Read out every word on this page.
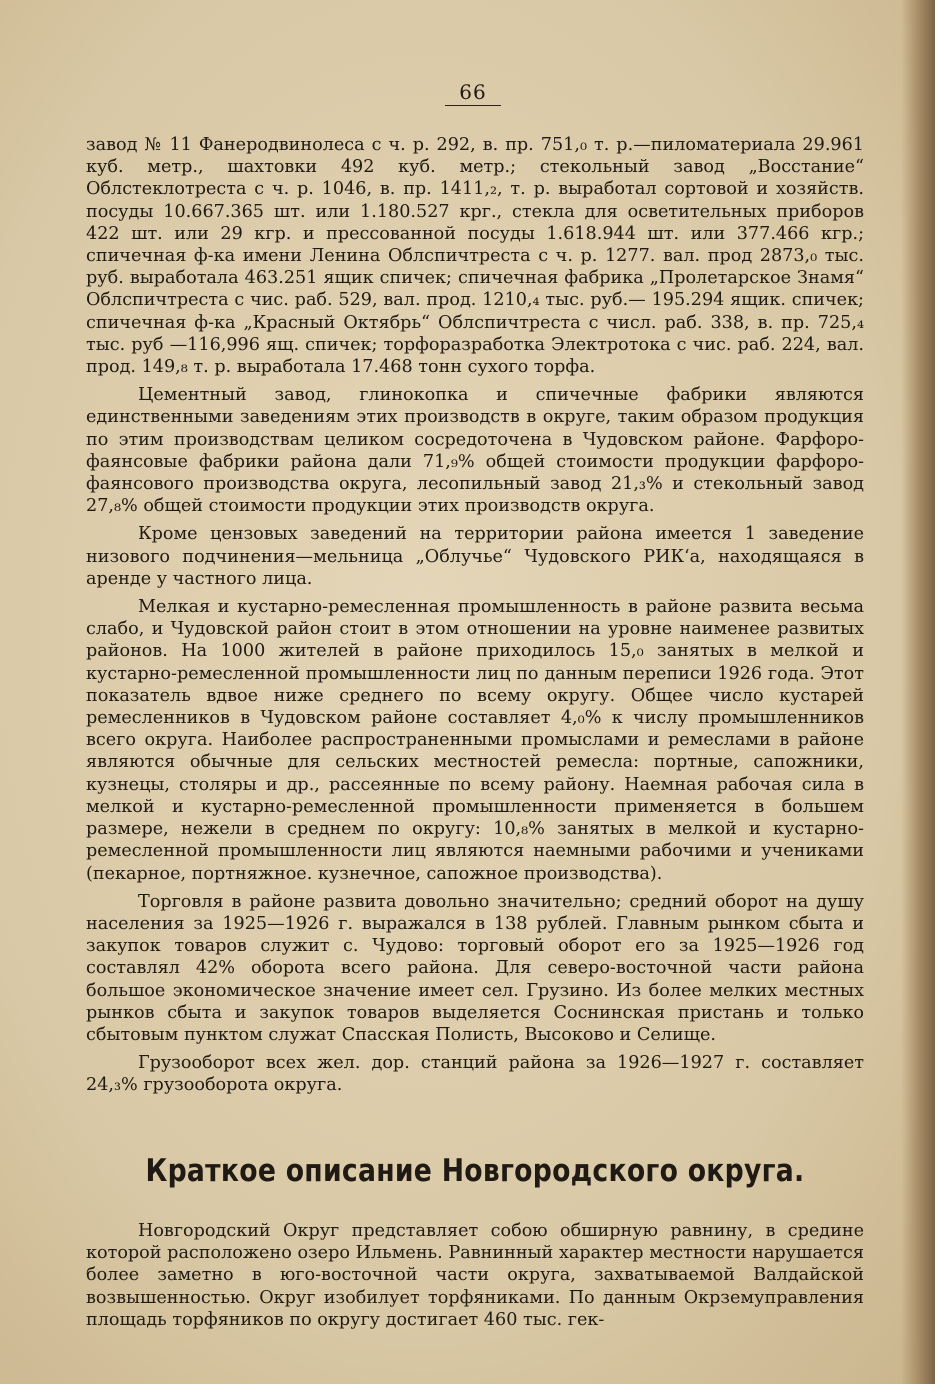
66

завод № 11 Фанеродвинолеса с ч. р. 292, в. пр. 751,₀ т. р.—пиломатериала 29.961 куб. метр., шахтовки 492 куб. метр.; стекольный завод „Восстание“ Облстеклотреста с ч. р. 1046, в. пр. 1411,₂, т. р. выработал сортовой и хозяйств. посуды 10.667.365 шт. или 1.180.527 крг., стекла для осветительных приборов 422 шт. или 29 кгр. и прессованной посуды 1.618.944 шт. или 377.466 кгр.; спичечная ф-ка имени Ленина Облспичтреста с ч. р. 1277. вал. прод 2873,₀ тыс. руб. выработала 463.251 ящик спичек; спичечная фабрика „Пролетарское Знамя“ Облспичтреста с чис. раб. 529, вал. прод. 1210,₄ тыс. руб.— 195.294 ящик. спичек; спичечная ф-ка „Красный Октябрь“ Облспичтреста с числ. раб. 338, в. пр. 725,₄ тыс. руб —116,996 ящ. спичек; торфоразработка Электротока с чис. раб. 224, вал. прод. 149,₈ т. р. выработала 17.468 тонн сухого торфа.

Цементный завод, глинокопка и спичечные фабрики являются единственными заведениям этих производств в округе, таким образом продукция по этим производствам целиком сосредоточена в Чудовском районе. Фарфоро-фаянсовые фабрики района дали 71,₉% общей стоимости продукции фарфоро-фаянсового производства округа, лесопильный завод 21,₃% и стекольный завод 27,₈% общей стоимости продукции этих производств округа.

Кроме цензовых заведений на территории района имеется 1 заведение низового подчинения—мельница „Облучье“ Чудовского РИК‘а, находящаяся в аренде у частного лица.

Мелкая и кустарно-ремесленная промышленность в районе развита весьма слабо, и Чудовской район стоит в этом отношении на уровне наименее развитых районов. На 1000 жителей в районе приходилось 15,₀ занятых в мелкой и кустарно-ремесленной промышленности лиц по данным переписи 1926 года. Этот показатель вдвое ниже среднего по всему округу. Общее число кустарей ремесленников в Чудовском районе составляет 4,₀% к числу промышленников всего округа. Наиболее распространенными промыслами и ремеслами в районе являются обычные для сельских местностей ремесла: портные, сапожники, кузнецы, столяры и др., рассеянные по всему району. Наемная рабочая сила в мелкой и кустарно-ремесленной промышленности применяется в большем размере, нежели в среднем по округу: 10,₈% занятых в мелкой и кустарно-ремесленной промышленности лиц являются наемными рабочими и учениками (пекарное, портняжное. кузнечное, сапожное производства).

Торговля в районе развита довольно значительно; средний оборот на душу населения за 1925—1926 г. выражался в 138 рублей. Главным рынком сбыта и закупок товаров служит с. Чудово: торговый оборот его за 1925—1926 год составлял 42% оборота всего района. Для северо-восточной части района большое экономическое значение имеет сел. Грузино. Из более мелких местных рынков сбыта и закупок товаров выделяется Соснинская пристань и только сбытовым пунктом служат Спасская Полисть, Высоково и Селище.

Грузооборот всех жел. дор. станций района за 1926—1927 г. составляет 24,₃% грузооборота округа.

Краткое описание Новгородского округа.

Новгородский Округ представляет собою обширную равнину, в средине которой расположено озеро Ильмень. Равнинный характер местности нарушается более заметно в юго-восточной части округа, захватываемой Валдайской возвышенностью. Округ изобилует торфяниками. По данным Окрземуправления площадь торфяников по округу достигает 460 тыс. гек-
